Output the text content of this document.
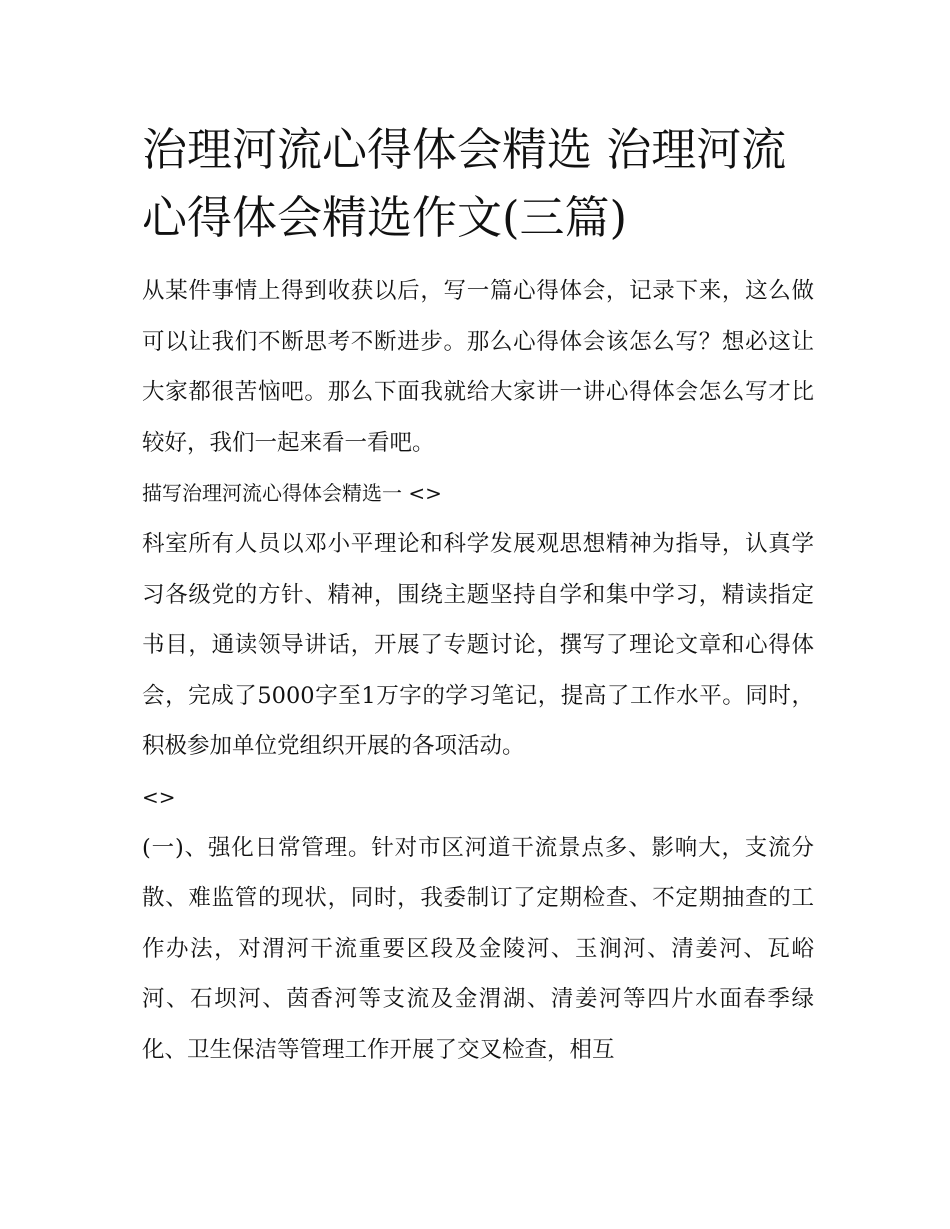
治理河流心得体会精选 治理河流心得体会精选作文(三篇)

从某件事情上得到收获以后，写一篇心得体会，记录下来，这么做可以让我们不断思考不断进步。那么心得体会该怎么写？想必这让大家都很苦恼吧。那么下面我就给大家讲一讲心得体会怎么写才比较好，我们一起来看一看吧。

描写治理河流心得体会精选一 <>

科室所有人员以邓小平理论和科学发展观思想精神为指导，认真学习各级党的方针、精神，围绕主题坚持自学和集中学习，精读指定书目，通读领导讲话，开展了专题讨论，撰写了理论文章和心得体会，完成了5000字至1万字的学习笔记，提高了工作水平。同时，积极参加单位党组织开展的各项活动。

<>

(一)、强化日常管理。针对市区河道干流景点多、影响大，支流分散、难监管的现状，同时，我委制订了定期检查、不定期抽查的工作办法，对渭河干流重要区段及金陵河、玉涧河、清姜河、瓦峪河、石坝河、茵香河等支流及金渭湖、清姜河等四片水面春季绿化、卫生保洁等管理工作开展了交叉检查，相互
